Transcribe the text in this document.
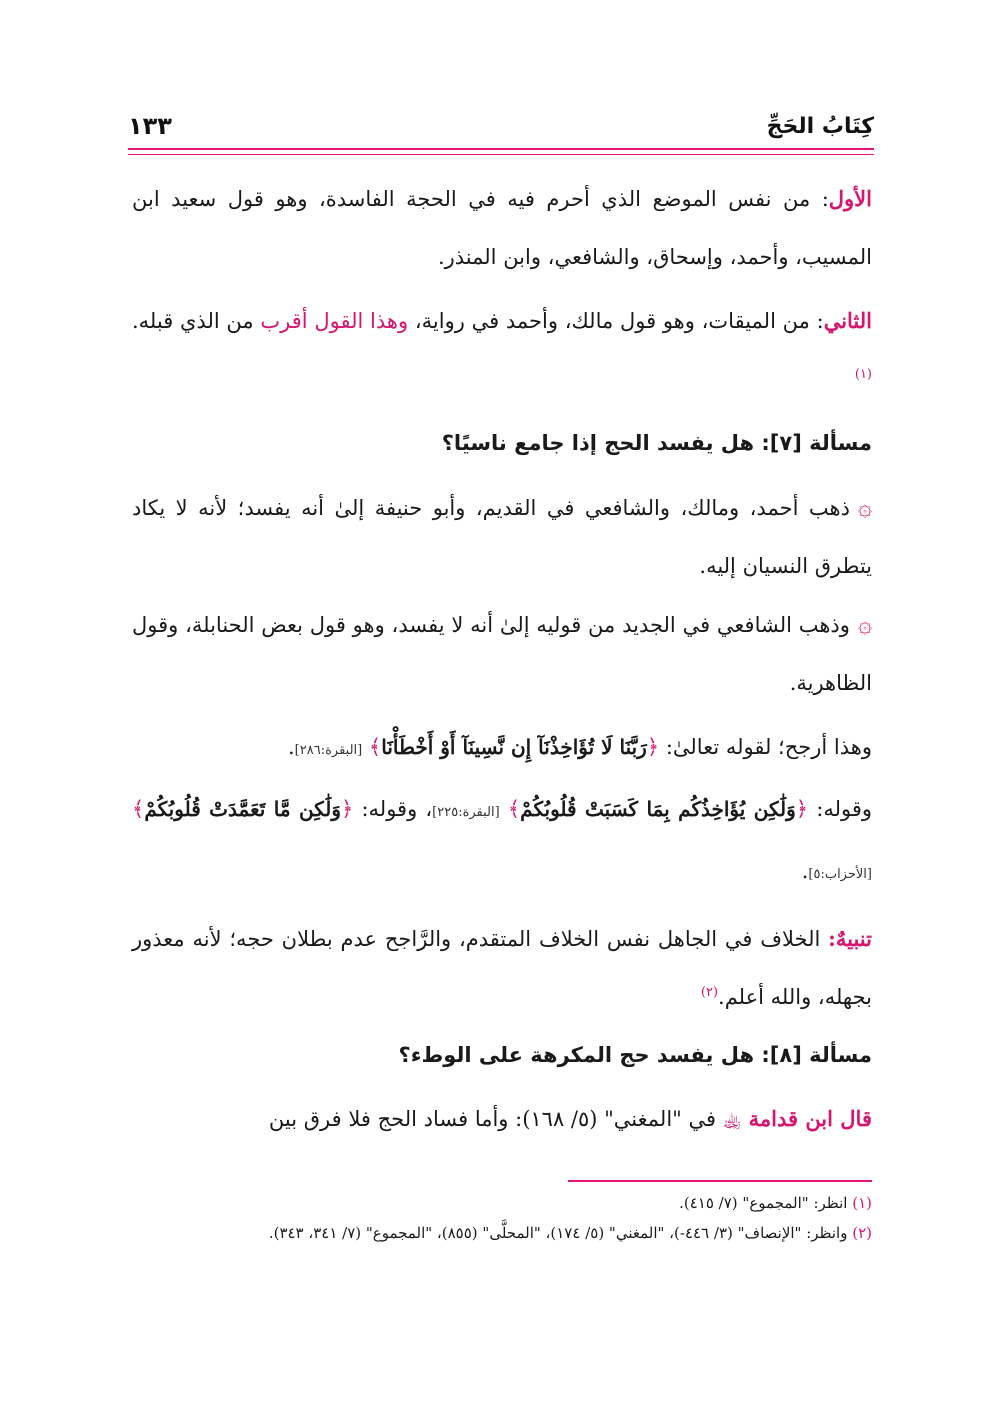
كِتَابُ الحَجِّ
١٣٣

الأول: من نفس الموضع الذي أحرم فيه في الحجة الفاسدة، وهو قول سعيد ابن المسيب، وأحمد، وإسحاق، والشافعي، وابن المنذر.

الثاني: من الميقات، وهو قول مالك، وأحمد في رواية، وهذا القول أقرب من الذي قبله.$^{(١)}$

مسألة [٧]: هل يفسد الحج إذا جامع ناسيًا؟

۞ذهب أحمد، ومالك، والشافعي في القديم، وأبو حنيفة إلىٰ أنه يفسد؛ لأنه لا يكاد يتطرق النسيان إليه.

۞وذهب الشافعي في الجديد من قوليه إلىٰ أنه لا يفسد، وهو قول بعض الحنابلة، وقول الظاهرية.

وهذا أرجح؛ لقوله تعالىٰ: ﴿رَبَّنَا لَا تُؤَاخِذْنَآ إِن نَّسِينَآ أَوْ أَخْطَأْنَا﴾ [البقرة:٢٨٦].

وقوله: ﴿وَلَٰكِن يُؤَاخِذُكُم بِمَا كَسَبَتْ قُلُوبُكُمْ﴾ [البقرة:٢٢٥]، وقوله: ﴿وَلَٰكِن مَّا تَعَمَّدَتْ قُلُوبُكُمْ﴾ [الأحزاب:٥].

تنبيهٌ: الخلاف في الجاهل نفس الخلاف المتقدم، والرَّاجح عدم بطلان حجه؛ لأنه معذور بجهله، والله أعلم.$^{(٢)}$

مسألة [٨]: هل يفسد حج المكرهة على الوطء؟

قال ابن قدامة ﵀ في "المغني" (٥/ ١٦٨): وأما فساد الحج فلا فرق بين

(١) انظر: "المجموع" (٧/ ٤١٥).

(٢) وانظر: "الإنصاف" (٣/ ٤٤٦-)، "المغني" (٥/ ١٧٤)، "المحلَّى" (٨٥٥)، "المجموع" (٧/ ٣٤١، ٣٤٣).
